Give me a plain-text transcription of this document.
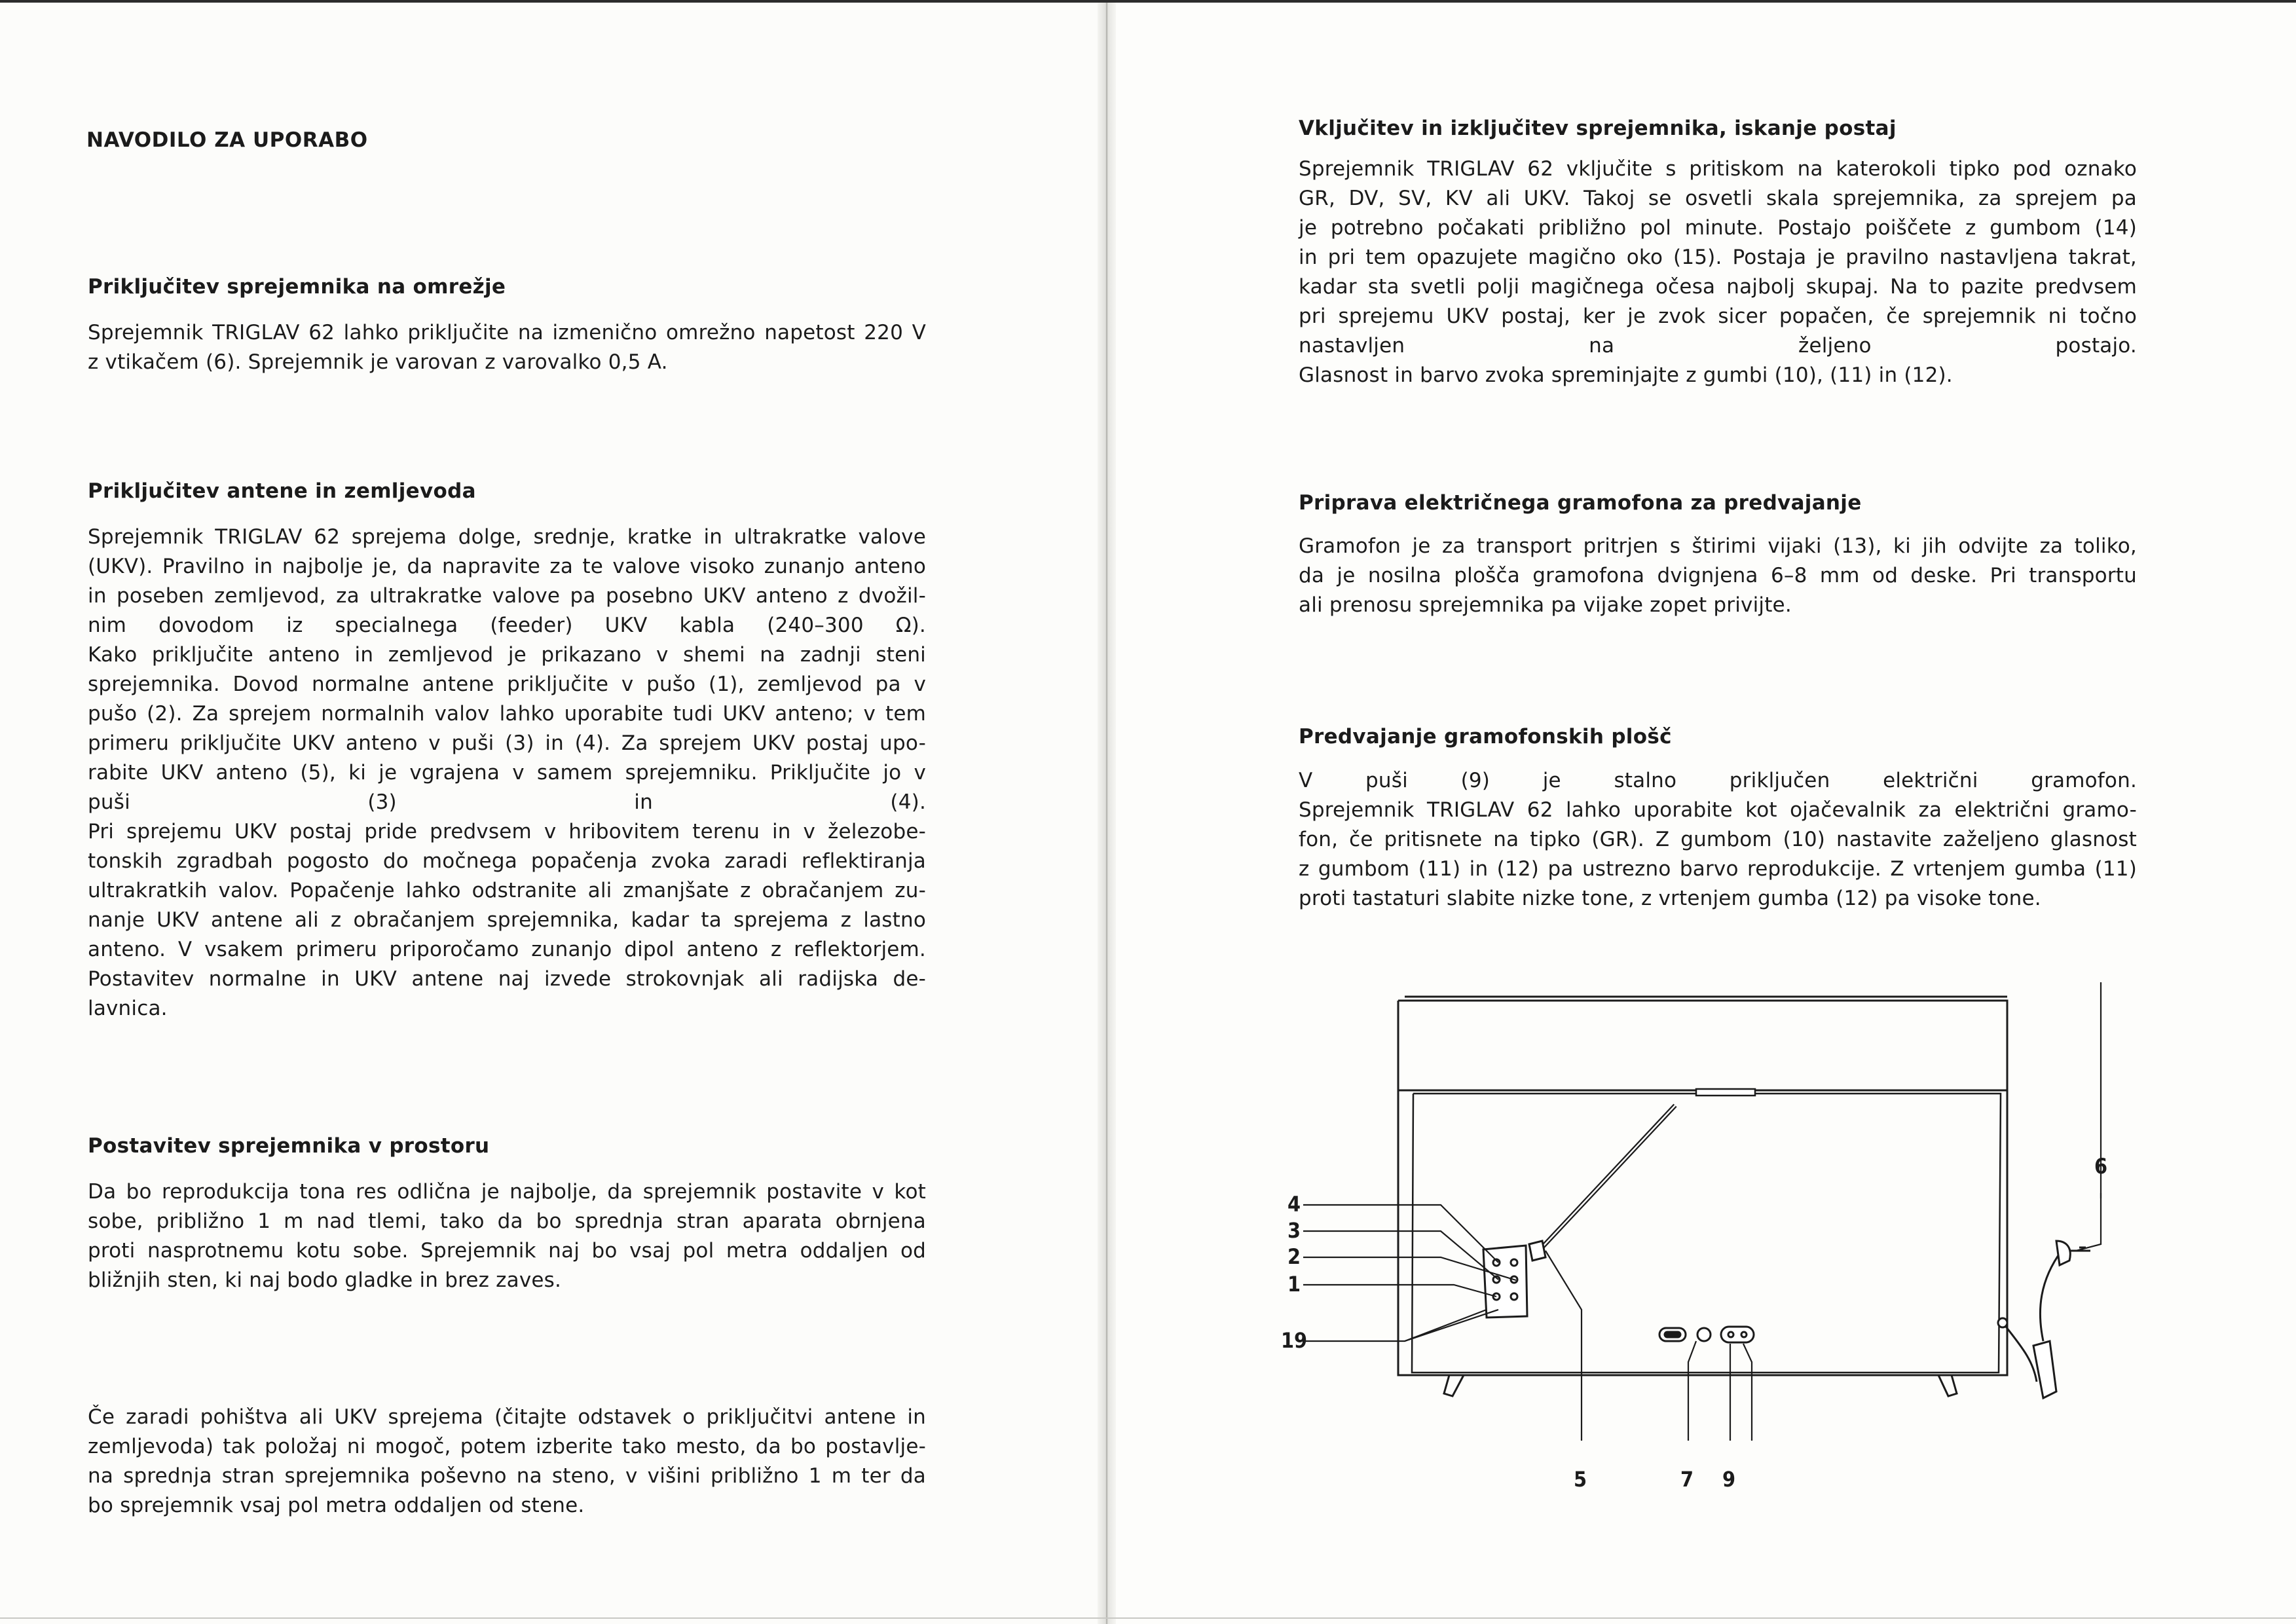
NAVODILO ZA UPORABO
Priključitev sprejemnika na omrežje
Sprejemnik TRIGLAV 62 lahko priključite na izmenično omrežno napetost 220 V
z vtikačem (6). Sprejemnik je varovan z varovalko 0,5 A.
Priključitev antene in zemljevoda
Sprejemnik TRIGLAV 62 sprejema dolge, srednje, kratke in ultrakratke valove
(UKV). Pravilno in najbolje je, da napravite za te valove visoko zunanjo anteno
in poseben zemljevod, za ultrakratke valove pa posebno UKV anteno z dvožil-
nim dovodom iz specialnega (feeder) UKV kabla (240–300 Ω).
Kako priključite anteno in zemljevod je prikazano v shemi na zadnji steni
sprejemnika. Dovod normalne antene priključite v pušo (1), zemljevod pa v
pušo (2). Za sprejem normalnih valov lahko uporabite tudi UKV anteno; v tem
primeru priključite UKV anteno v puši (3) in (4). Za sprejem UKV postaj upo-
rabite UKV anteno (5), ki je vgrajena v samem sprejemniku. Priključite jo v
puši (3) in (4).
Pri sprejemu UKV postaj pride predvsem v hribovitem terenu in v železobe-
tonskih zgradbah pogosto do močnega popačenja zvoka zaradi reflektiranja
ultrakratkih valov. Popačenje lahko odstranite ali zmanjšate z obračanjem zu-
nanje UKV antene ali z obračanjem sprejemnika, kadar ta sprejema z lastno
anteno. V vsakem primeru priporočamo zunanjo dipol anteno z reflektorjem.
Postavitev normalne in UKV antene naj izvede strokovnjak ali radijska de-
lavnica.
Postavitev sprejemnika v prostoru
Da bo reprodukcija tona res odlična je najbolje, da sprejemnik postavite v kot
sobe, približno 1 m nad tlemi, tako da bo sprednja stran aparata obrnjena
proti nasprotnemu kotu sobe. Sprejemnik naj bo vsaj pol metra oddaljen od
bližnjih sten, ki naj bodo gladke in brez zaves.
Če zaradi pohištva ali UKV sprejema (čitajte odstavek o priključitvi antene in
zemljevoda) tak položaj ni mogoč, potem izberite tako mesto, da bo postavlje-
na sprednja stran sprejemnika poševno na steno, v višini približno 1 m ter da
bo sprejemnik vsaj pol metra oddaljen od stene.
Vključitev in izključitev sprejemnika, iskanje postaj
Sprejemnik TRIGLAV 62 vključite s pritiskom na katerokoli tipko pod oznako
GR, DV, SV, KV ali UKV. Takoj se osvetli skala sprejemnika, za sprejem pa
je potrebno počakati približno pol minute. Postajo poiščete z gumbom (14)
in pri tem opazujete magično oko (15). Postaja je pravilno nastavljena takrat,
kadar sta svetli polji magičnega očesa najbolj skupaj. Na to pazite predvsem
pri sprejemu UKV postaj, ker je zvok sicer popačen, če sprejemnik ni točno
nastavljen na željeno postajo.
Glasnost in barvo zvoka spreminjajte z gumbi (10), (11) in (12).
Priprava električnega gramofona za predvajanje
Gramofon je za transport pritrjen s štirimi vijaki (13), ki jih odvijte za toliko,
da je nosilna plošča gramofona dvignjena 6–8 mm od deske. Pri transportu
ali prenosu sprejemnika pa vijake zopet privijte.
Predvajanje gramofonskih plošč
V puši (9) je stalno priključen električni gramofon.
Sprejemnik TRIGLAV 62 lahko uporabite kot ojačevalnik za električni gramo-
fon, če pritisnete na tipko (GR). Z gumbom (10) nastavite zaželjeno glasnost
z gumbom (11) in (12) pa ustrezno barvo reprodukcije. Z vrtenjem gumba (11)
proti tastaturi slabite nizke tone, z vrtenjem gumba (12) pa visoke tone.
4
3
2
1
19
5	7 9
6
